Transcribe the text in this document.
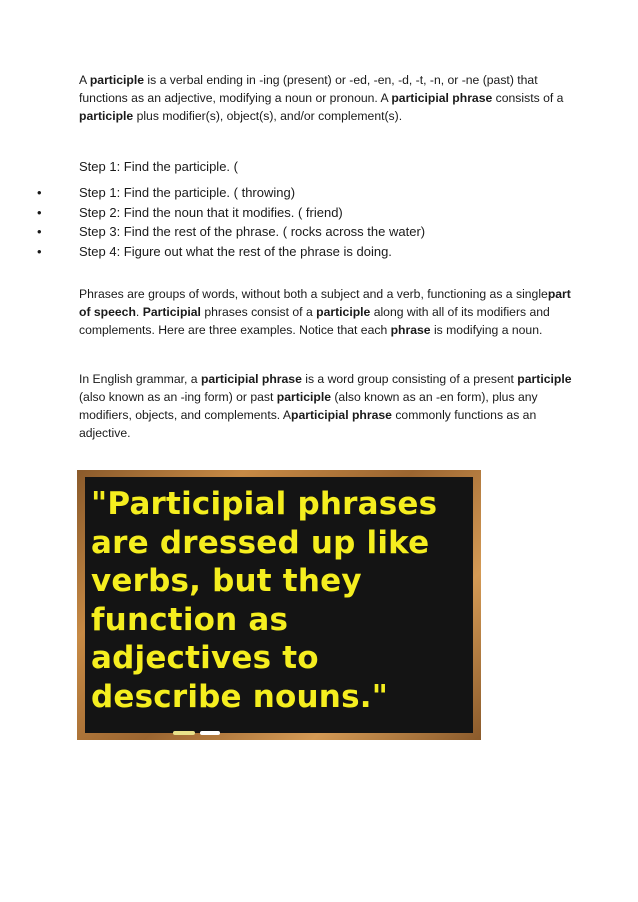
A participle is a verbal ending in -ing (present) or -ed, -en, -d, -t, -n, or -ne (past) that functions as an adjective, modifying a noun or pronoun. A participial phrase consists of a participle plus modifier(s), object(s), and/or complement(s).

Step 1: Find the participle. (

•	Step 1: Find the participle. ( throwing)
•	Step 2: Find the noun that it modifies. ( friend)
•	Step 3: Find the rest of the phrase. ( rocks across the water)
•	Step 4: Figure out what the rest of the phrase is doing.

Phrases are groups of words, without both a subject and a verb, functioning as a singlepart of speech. Participial phrases consist of a participle along with all of its modifiers and complements. Here are three examples. Notice that each phrase is modifying a noun.

In English grammar, a participial phrase is a word group consisting of a present participle (also known as an -ing form) or past participle (also known as an -en form), plus any modifiers, objects, and complements. Aparticipial phrase commonly functions as an adjective.

"Participial phrases
are dressed up like
verbs, but they
function as
adjectives to
describe nouns."
